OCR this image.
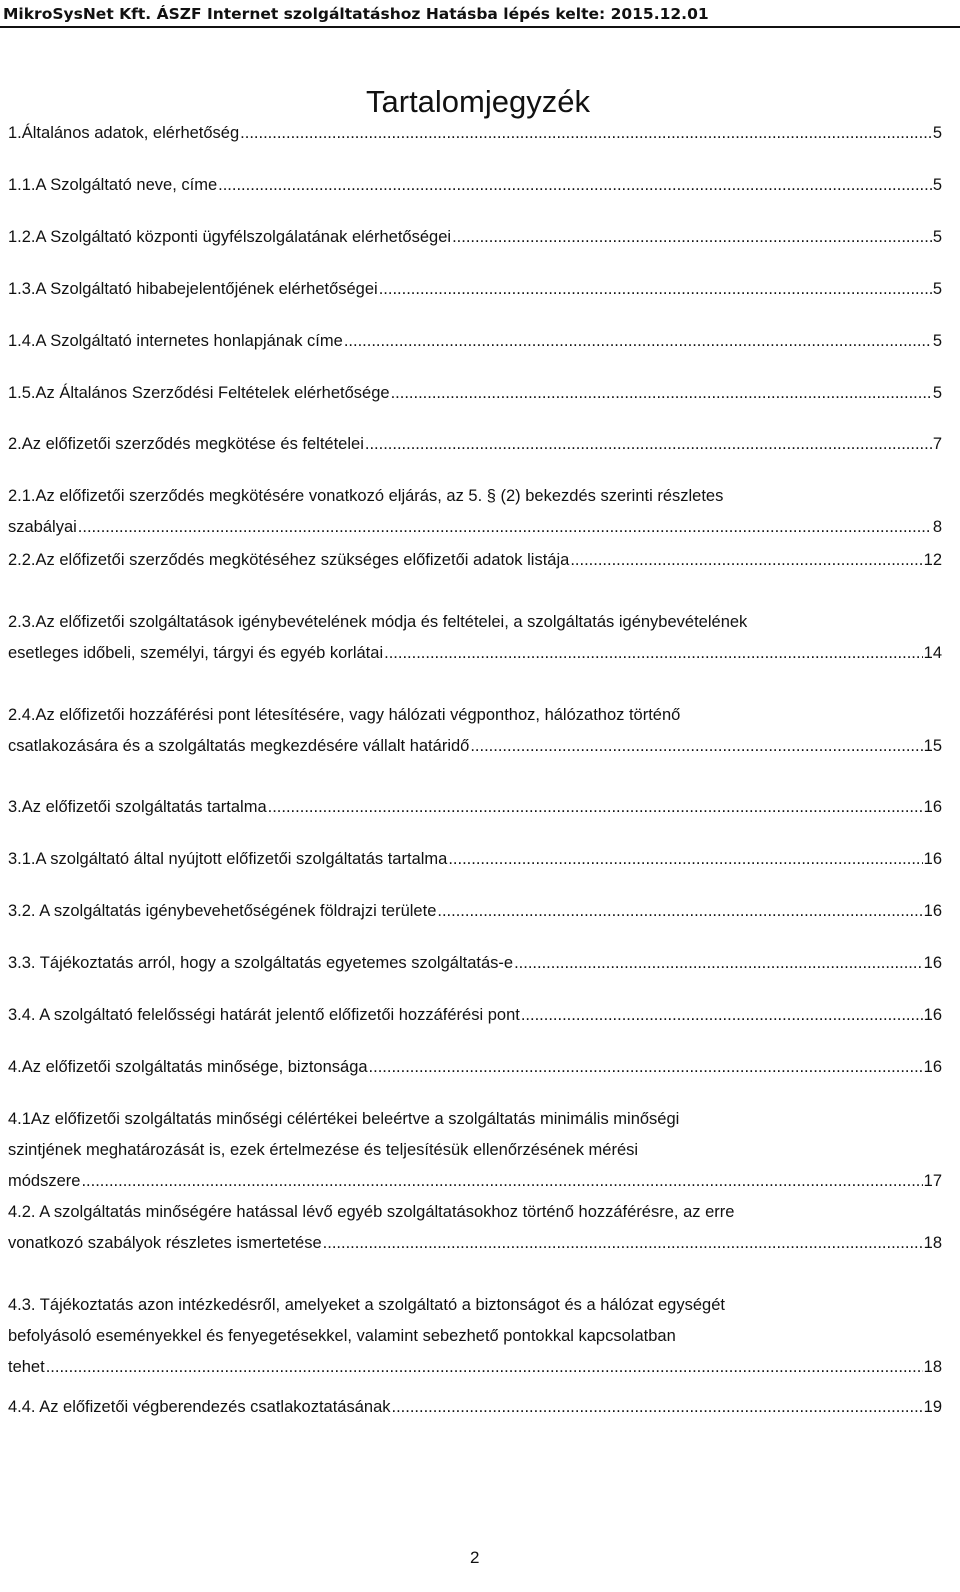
MikroSysNet Kft. ÁSZF Internet szolgáltatáshoz Hatásba lépés kelte: 2015.12.01
Tartalomjegyzék
1.Általános adatok, elérhetőség .....	5
1.1.A Szolgáltató neve, címe .....	5
1.2.A Szolgáltató központi ügyfélszolgálatának elérhetőségei .....	5
1.3.A Szolgáltató hibabejelentőjének elérhetőségei .....	5
1.4.A Szolgáltató internetes honlapjának címe .....	5
1.5.Az Általános Szerződési Feltételek elérhetősége .....	5
2.Az előfizetői szerződés megkötése és feltételei .....	7
2.1.Az előfizetői szerződés megkötésére vonatkozó eljárás, az 5. § (2) bekezdés szerinti részletes
szabályai .....	8
2.2.Az előfizetői szerződés megkötéséhez szükséges előfizetői adatok listája .....	12
2.3.Az előfizetői szolgáltatások igénybevételének módja és feltételei, a szolgáltatás igénybevételének
esetleges időbeli, személyi, tárgyi és egyéb korlátai .....	14
2.4.Az előfizetői hozzáférési pont létesítésére, vagy hálózati végponthoz, hálózathoz történő
csatlakozására és a szolgáltatás megkezdésére vállalt határidő .....	15
3.Az előfizetői szolgáltatás tartalma .....	16
3.1.A szolgáltató által nyújtott előfizetői szolgáltatás tartalma .....	16
3.2. A szolgáltatás igénybevehetőségének földrajzi területe .....	16
3.3. Tájékoztatás arról, hogy a szolgáltatás egyetemes szolgáltatás-e .....	16
3.4. A szolgáltató felelősségi határát jelentő előfizetői hozzáférési pont .....	16
4.Az előfizetői szolgáltatás minősége, biztonsága .....	16
4.1Az előfizetői szolgáltatás minőségi célértékei beleértve a szolgáltatás minimális minőségi
szintjének meghatározását is, ezek értelmezése és teljesítésük ellenőrzésének mérési
módszere .....	17
4.2. A szolgáltatás minőségére hatással lévő egyéb szolgáltatásokhoz történő hozzáférésre, az erre
vonatkozó szabályok részletes ismertetése .....	18
4.3. Tájékoztatás azon intézkedésről, amelyeket a szolgáltató a biztonságot és a hálózat egységét
befolyásoló eseményekkel és fenyegetésekkel, valamint sebezhető pontokkal kapcsolatban
tehet .....	18
4.4. Az előfizetői végberendezés csatlakoztatásának .....	19
2
